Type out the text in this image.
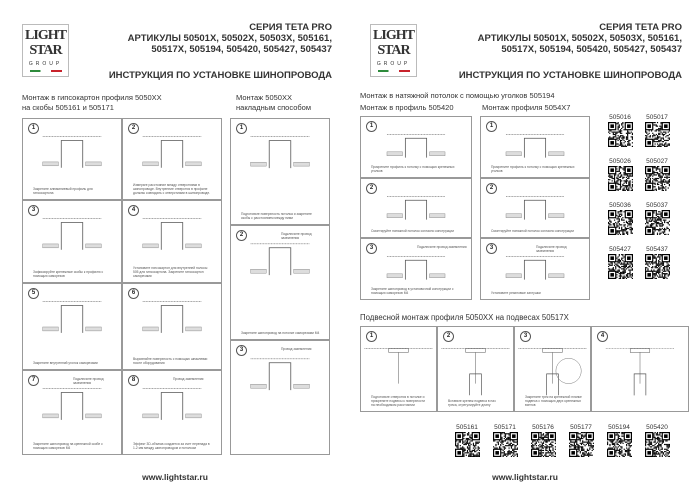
LIGHT
STAR
GROUP
СЕРИЯ TETA PRO
АРТИКУЛЫ 50501X, 50502X, 50503X, 505161,
50517X, 505194, 505420, 505427, 505437
ИНСТРУКЦИЯ ПО УСТАНОВКЕ ШИНОПРОВОДА
Монтаж в гипсокартон профиля 5050XX
на скобы 505161 и 505171
Монтаж 5050XX
накладным способом
1
Закрепите алюминиевый профиль для гипсокартона
2
Измерьте расстояние между отверстиями в шинопроводе. Внутренние отверстия в профиле должны совпадать с отверстиями в шинопроводе.
3
Зафиксируйте крепежные скобы к профилю с помощью саморезов
4
Установите гипсокартон для внутренней полосы 505 для гипсокартона. Закрепите гипсокартон саморезами
5
Закрепите внутренний уголок саморезами
6
Выровняйте поверхность с помощью шпаклевки после оборудования
7	Подключите провод заземления
Закрепите шинопровод на крепежной скобе с помощью саморезов M4
8	Провод заземления
Эффект 3D-объема создается за счет перепада в 1-2 мм между шинопроводом и потолком
1
Подготовьте поверхность потолка и закрепите скобы с расстоянием между ними
2	Подключите провод заземления
Закрепите шинопровод на потолке саморезами M4
3	Провод заземления
www.lightstar.ru
LIGHT
STAR
GROUP
СЕРИЯ TETA PRO
АРТИКУЛЫ 50501X, 50502X, 50503X, 505161,
50517X, 505194, 505420, 505427, 505437
ИНСТРУКЦИЯ ПО УСТАНОВКЕ ШИНОПРОВОДА
Монтаж в натяжной потолок с помощью уголков 505194
Монтаж в профиль 505420	Монтаж профиля 5054X7
1
Прикрепите профиль к потолку с помощью крепежных уголков
2
Смонтируйте натяжной потолок согласно конструкции
3	Подключите провод заземления
Закрепите шинопровод в установочной конструкции с помощью саморезов M4
1
Прикрепите профиль к потолку с помощью крепежных уголков
2
Смонтируйте натяжной потолок согласно конструкции
3	Подключите провод заземления
Установите резиновые заглушки
505016	505017
505026	505027
505036	505037
505427	505437
Подвесной монтаж профиля 5050XX на подвесах 50517X
1
Подготовьте отверстия в потолке и прикрепите подвесы к поверхности на необходимом расстоянии
2
Вставьте крепеж подвеса в паз трека, отрегулируйте длину
3
Закрепите трек на крепежной планке подвеса с помощью двух крепежных винтов
4
505161	505171	505176	505177	505194	505420
www.lightstar.ru
